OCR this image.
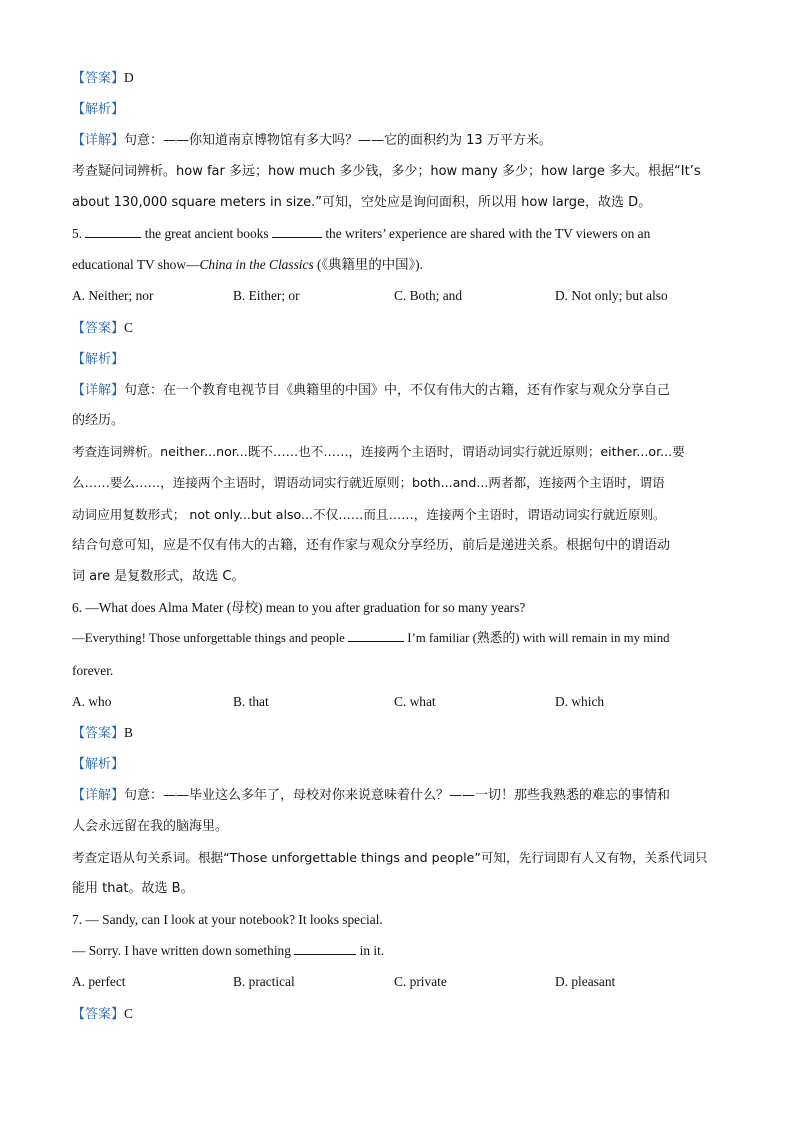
【答案】D
【解析】
【详解】句意：——你知道南京博物馆有多大吗？——它的面积约为 13 万平方米。
考查疑问词辨析。how far 多远；how much 多少钱，多少；how many 多少；how large 多大。根据“It’s
about 130,000 square meters in size.”可知，空处应是询问面积，所以用 how large，故选 D。
5.	the great ancient books	the writers’ experience are shared with the TV viewers on an
educational TV show—China in the Classics (《典籍里的中国》).
A. Neither; nor	B. Either; or	C. Both; and	D. Not only; but also
【答案】C
【解析】
【详解】句意：在一个教育电视节目《典籍里的中国》中，不仅有伟大的古籍，还有作家与观众分享自己
的经历。
考查连词辨析。neither...nor...既不……也不……，连接两个主语时，谓语动词实行就近原则；either...or...要
么……要么……，连接两个主语时，谓语动词实行就近原则；both...and...两者都，连接两个主语时，谓语
动词应用复数形式； not only...but also...不仅……而且……，连接两个主语时，谓语动词实行就近原则。
结合句意可知，应是不仅有伟大的古籍，还有作家与观众分享经历，前后是递进关系。根据句中的谓语动
词 are 是复数形式，故选 C。
6. —What does Alma Mater (母校) mean to you after graduation for so many years?
—Everything! Those unforgettable things and people	I’m familiar (熟悉的) with will remain in my mind
forever.
A. who	B. that	C. what	D. which
【答案】B
【解析】
【详解】句意：——毕业这么多年了，母校对你来说意味着什么？——一切！那些我熟悉的难忘的事情和
人会永远留在我的脑海里。
考查定语从句关系词。根据“Those unforgettable things and people”可知，先行词即有人又有物，关系代词只
能用 that。故选 B。
7. — Sandy, can I look at your notebook? It looks special.
— Sorry. I have written down something	in it.
A. perfect	B. practical	C. private	D. pleasant
【答案】C
